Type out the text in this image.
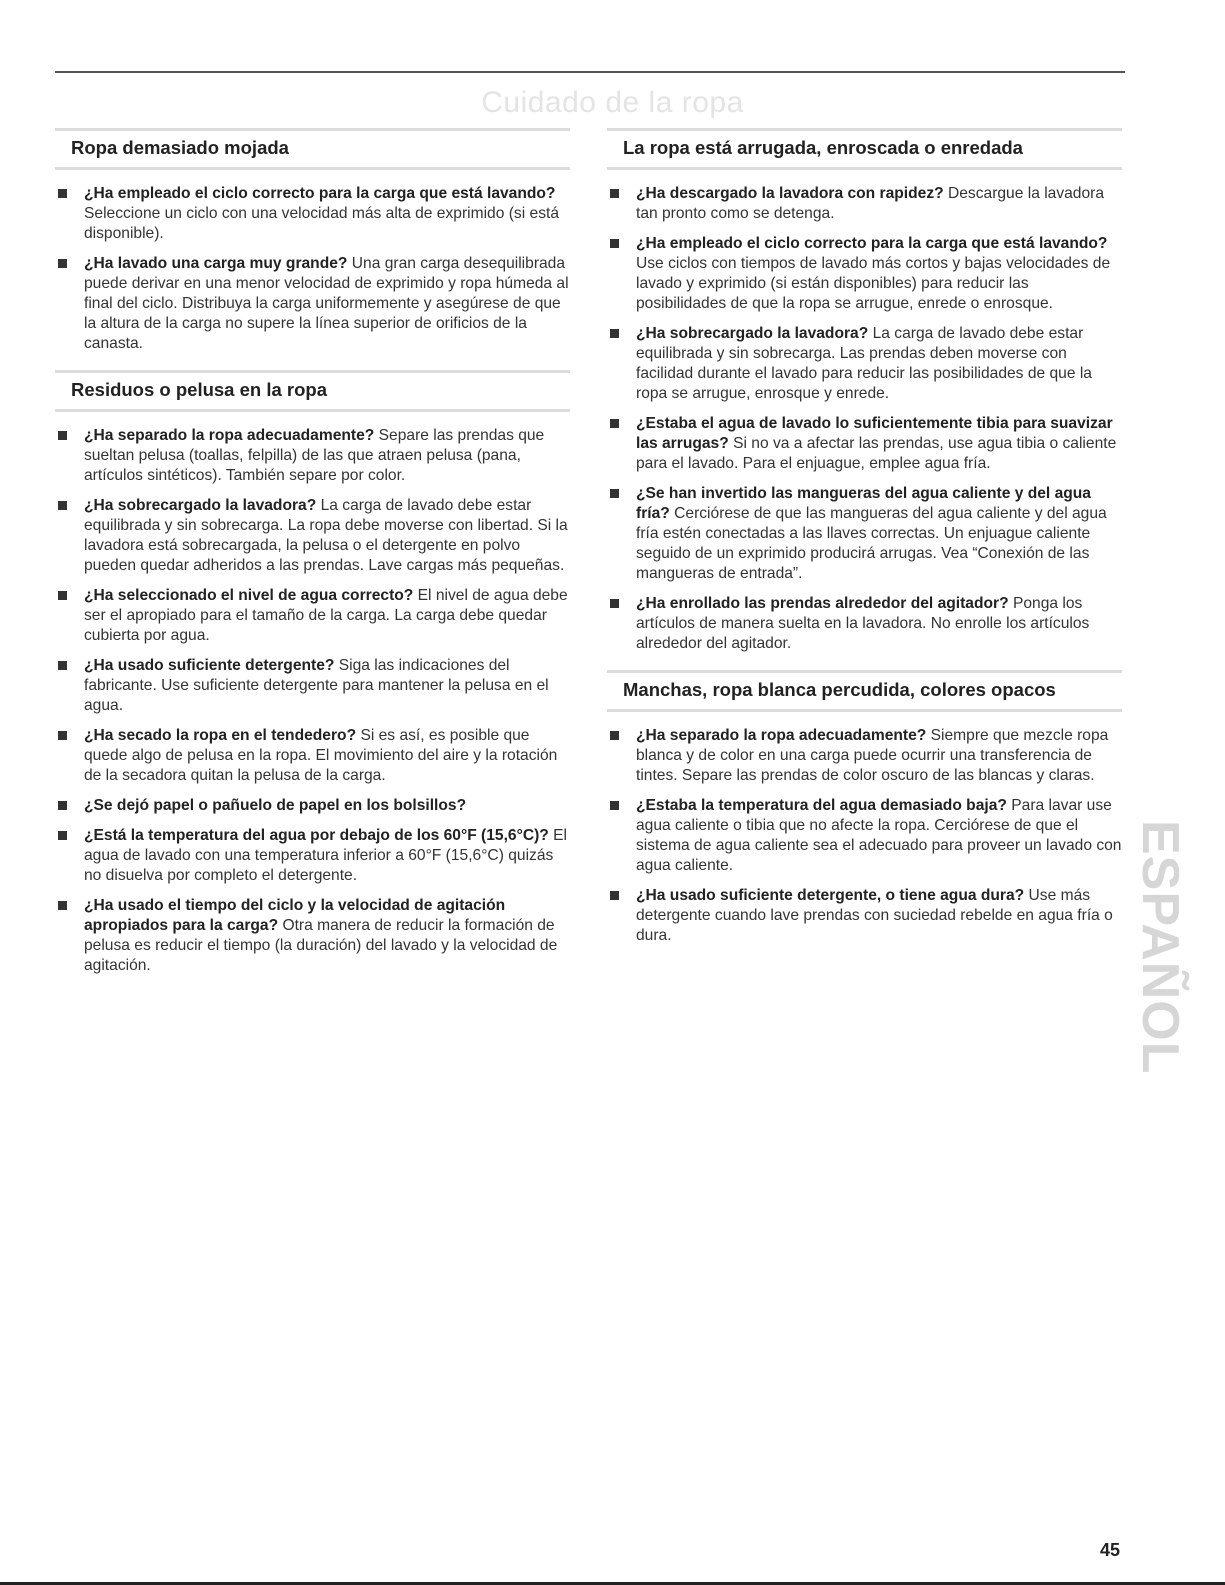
Cuidado de la ropa
Ropa demasiado mojada
¿Ha empleado el ciclo correcto para la carga que está lavando? Seleccione un ciclo con una velocidad más alta de exprimido (si está disponible).
¿Ha lavado una carga muy grande? Una gran carga desequilibrada puede derivar en una menor velocidad de exprimido y ropa húmeda al final del ciclo. Distribuya la carga uniformemente y asegúrese de que la altura de la carga no supere la línea superior de orificios de la canasta.
Residuos o pelusa en la ropa
¿Ha separado la ropa adecuadamente? Separe las prendas que sueltan pelusa (toallas, felpilla) de las que atraen pelusa (pana, artículos sintéticos). También separe por color.
¿Ha sobrecargado la lavadora? La carga de lavado debe estar equilibrada y sin sobrecarga. La ropa debe moverse con libertad. Si la lavadora está sobrecargada, la pelusa o el detergente en polvo pueden quedar adheridos a las prendas. Lave cargas más pequeñas.
¿Ha seleccionado el nivel de agua correcto? El nivel de agua debe ser el apropiado para el tamaño de la carga. La carga debe quedar cubierta por agua.
¿Ha usado suficiente detergente? Siga las indicaciones del fabricante. Use suficiente detergente para mantener la pelusa en el agua.
¿Ha secado la ropa en el tendedero? Si es así, es posible que quede algo de pelusa en la ropa. El movimiento del aire y la rotación de la secadora quitan la pelusa de la carga.
¿Se dejó papel o pañuelo de papel en los bolsillos?
¿Está la temperatura del agua por debajo de los 60°F (15,6°C)? El agua de lavado con una temperatura inferior a 60°F (15,6°C) quizás no disuelva por completo el detergente.
¿Ha usado el tiempo del ciclo y la velocidad de agitación apropiados para la carga? Otra manera de reducir la formación de pelusa es reducir el tiempo (la duración) del lavado y la velocidad de agitación.
La ropa está arrugada, enroscada o enredada
¿Ha descargado la lavadora con rapidez? Descargue la lavadora tan pronto como se detenga.
¿Ha empleado el ciclo correcto para la carga que está lavando? Use ciclos con tiempos de lavado más cortos y bajas velocidades de lavado y exprimido (si están disponibles) para reducir las posibilidades de que la ropa se arrugue, enrede o enrosque.
¿Ha sobrecargado la lavadora? La carga de lavado debe estar equilibrada y sin sobrecarga. Las prendas deben moverse con facilidad durante el lavado para reducir las posibilidades de que la ropa se arrugue, enrosque y enrede.
¿Estaba el agua de lavado lo suficientemente tibia para suavizar las arrugas? Si no va a afectar las prendas, use agua tibia o caliente para el lavado. Para el enjuague, emplee agua fría.
¿Se han invertido las mangueras del agua caliente y del agua fría? Cerciórese de que las mangueras del agua caliente y del agua fría estén conectadas a las llaves correctas. Un enjuague caliente seguido de un exprimido producirá arrugas. Vea “Conexión de las mangueras de entrada”.
¿Ha enrollado las prendas alrededor del agitador? Ponga los artículos de manera suelta en la lavadora. No enrolle los artículos alrededor del agitador.
Manchas, ropa blanca percudida, colores opacos
¿Ha separado la ropa adecuadamente? Siempre que mezcle ropa blanca y de color en una carga puede ocurrir una transferencia de tintes. Separe las prendas de color oscuro de las blancas y claras.
¿Estaba la temperatura del agua demasiado baja? Para lavar use agua caliente o tibia que no afecte la ropa. Cerciórese de que el sistema de agua caliente sea el adecuado para proveer un lavado con agua caliente.
¿Ha usado suficiente detergente, o tiene agua dura? Use más detergente cuando lave prendas con suciedad rebelde en agua fría o dura.	ESPAÑOL
45
